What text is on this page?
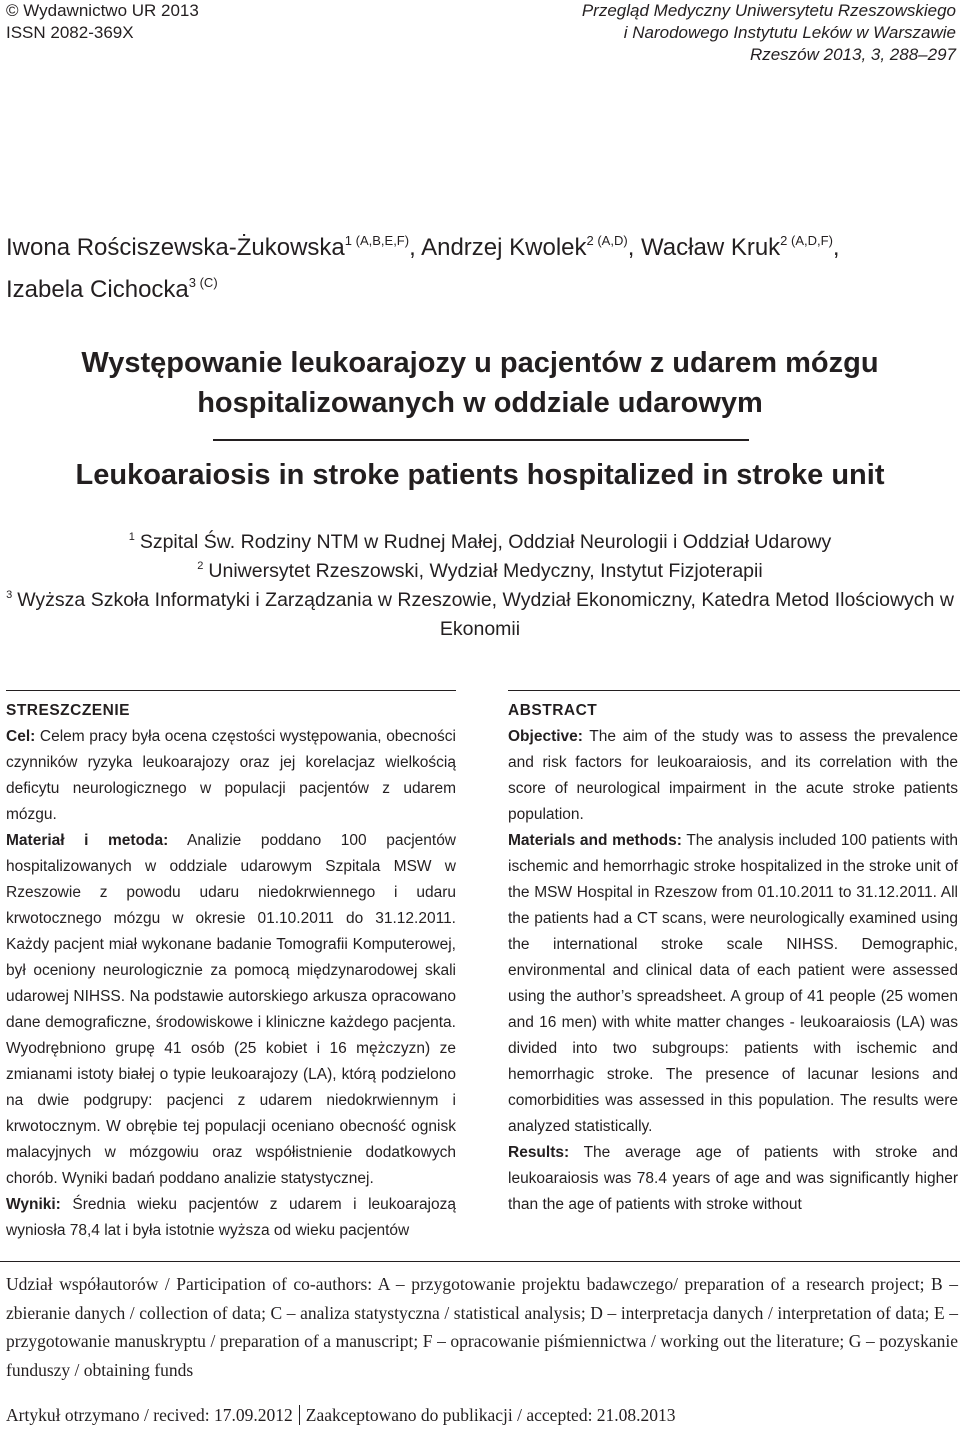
© Wydawnictwo UR 2013
ISSN 2082-369X
Przegląd Medyczny Uniwersytetu Rzeszowskiego
i Narodowego Instytutu Leków w Warszawie
Rzeszów 2013, 3, 288–297
Iwona Rościszewska-Żukowska$^{1 (A,B,E,F)}$, Andrzej Kwolek$^{2 (A,D)}$, Wacław Kruk$^{2 (A,D,F)}$,
Izabela Cichocka$^{3 (C)}$
Występowanie leukoarajozy u pacjentów z udarem mózgu
hospitalizowanych w oddziale udarowym
Leukoaraiosis in stroke patients hospitalized in stroke unit
$^1$ Szpital Św. Rodziny NTM w Rudnej Małej, Oddział Neurologii i Oddział Udarowy
$^2$ Uniwersytet Rzeszowski, Wydział Medyczny, Instytut Fizjoterapii
$^3$ Wyższa Szkoła Informatyki i Zarządzania w Rzeszowie, Wydział Ekonomiczny, Katedra Metod Ilościowych w Ekonomii

STRESZCZENIE

Cel: Celem pracy była ocena częstości występowania, obecności czynników ryzyka leukoarajozy oraz jej korelacjaz wielkością deficytu neurologicznego w populacji pacjentów z udarem mózgu.

Materiał i metoda: Analizie poddano 100 pacjentów hospitalizowanych w oddziale udarowym Szpitala MSW w Rzeszowie z powodu udaru niedokrwiennego i udaru krwotocznego mózgu w okresie 01.10.2011 do 31.12.2011. Każdy pacjent miał wykonane badanie Tomografii Komputerowej, był oceniony neurologicznie za pomocą międzynarodowej skali udarowej NIHSS. Na podstawie autorskiego arkusza opracowano dane demograficzne, środowiskowe i kliniczne każdego pacjenta. Wyodrębniono grupę 41 osób (25 kobiet i 16 mężczyzn) ze zmianami istoty białej o typie leukoarajozy (LA), którą podzielono na dwie podgrupy: pacjenci z udarem niedokrwiennym i krwotocznym. W obrębie tej populacji oceniano obecność ognisk malacyjnych w mózgowiu oraz współistnienie dodatkowych chorób. Wyniki badań poddano analizie statystycznej.

Wyniki: Średnia wieku pacjentów z udarem i leukoarajozą wyniosła 78,4 lat i była istotnie wyższa od wieku pacjentów

ABSTRACT

Objective: The aim of the study was to assess the prevalence and risk factors for leukoaraiosis, and its correlation with the score of neurological impairment in the acute stroke patients population.

Materials and methods: The analysis included 100 patients with ischemic and hemorrhagic stroke hospitalized in the stroke unit of the MSW Hospital in Rzeszow from 01.10.2011 to 31.12.2011. All the patients had a CT scans, were neurologically examined using the international stroke scale NIHSS. Demographic, environmental and clinical data of each patient were assessed using the author’s spreadsheet. A group of 41 people (25 women and 16 men) with white matter changes - leukoaraiosis (LA) was divided into two subgroups: patients with ischemic and hemorrhagic stroke. The presence of lacunar lesions and comorbidities was assessed in this population. The results were analyzed statistically.

Results: The average age of patients with stroke and leukoaraiosis was 78.4 years of age and was significantly higher than the age of patients with stroke without

Udział współautorów / Participation of co-authors: A – przygotowanie projektu badawczego/ preparation of a research project; B – zbieranie danych / collection of data; C – analiza statystyczna / statistical analysis; D – interpretacja danych / interpretation of data; E – przygotowanie manuskryptu / preparation of a manuscript; F – opracowanie piśmiennictwa / working out the literature; G – pozyskanie funduszy / obtaining funds
Artykuł otrzymano / recived: 17.09.2012 Zaakceptowano do publikacji / accepted: 21.08.2013
